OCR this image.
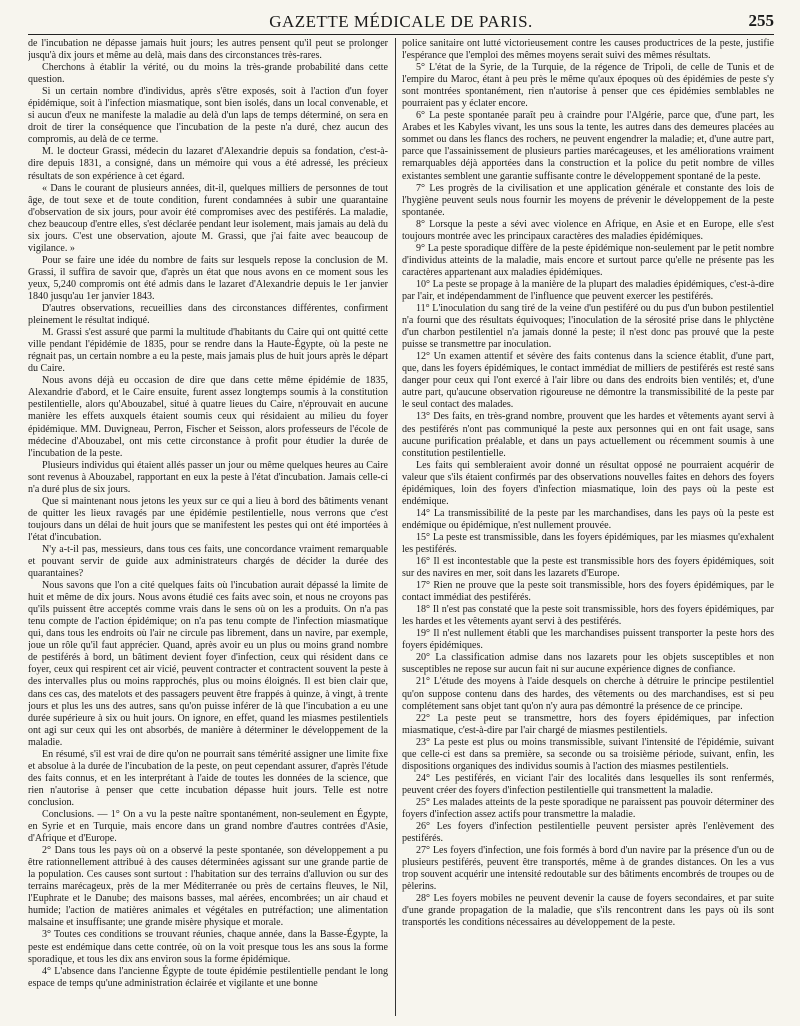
GAZETTE MÉDICALE DE PARIS.	255

de l'incubation ne dépasse jamais huit jours; les autres pensent qu'il peut se prolonger jusqu'à dix jours et même au delà, mais dans des circonstances très-rares.

Cherchons à établir la vérité, ou du moins la très-grande probabilité dans cette question.

Si un certain nombre d'individus, après s'être exposés, soit à l'action d'un foyer épidémique, soit à l'infection miasmatique, sont bien isolés, dans un local convenable, et si aucun d'eux ne manifeste la maladie au delà d'un laps de temps déterminé, on sera en droit de tirer la conséquence que l'incubation de la peste n'a duré, chez aucun des compromis, au delà de ce terme.

M. le docteur Grassi, médecin du lazaret d'Alexandrie depuis sa fondation, c'est-à-dire depuis 1831, a consigné, dans un mémoire qui vous a été adressé, les précieux résultats de son expérience à cet égard.

« Dans le courant de plusieurs années, dit-il, quelques milliers de personnes de tout âge, de tout sexe et de toute condition, furent condamnées à subir une quarantaine d'observation de six jours, pour avoir été compromises avec des pestiférés. La maladie, chez beaucoup d'entre elles, s'est déclarée pendant leur isolement, mais jamais au delà du six jours. C'est une observation, ajoute M. Grassi, que j'ai faite avec beaucoup de vigilance. »

Pour se faire une idée du nombre de faits sur lesquels repose la conclusion de M. Grassi, il suffira de savoir que, d'après un état que nous avons en ce moment sous les yeux, 5,240 compromis ont été admis dans le lazaret d'Alexandrie depuis le 1er janvier 1840 jusqu'au 1er janvier 1843.

D'autres observations, recueillies dans des circonstances différentes, confirment pleinement le résultat indiqué.

M. Grassi s'est assuré que parmi la multitude d'habitants du Caire qui ont quitté cette ville pendant l'épidémie de 1835, pour se rendre dans la Haute-Égypte, où la peste ne régnait pas, un certain nombre a eu la peste, mais jamais plus de huit jours après le départ du Caire.

Nous avons déjà eu occasion de dire que dans cette même épidémie de 1835, Alexandrie d'abord, et le Caire ensuite, furent assez longtemps soumis à la constitution pestilentielle, alors qu'Abouzabel, situé à quatre lieues du Caire, n'éprouvait en aucune manière les effets auxquels étaient soumis ceux qui résidaient au milieu du foyer épidémique. MM. Duvigneau, Perron, Fischer et Seisson, alors professeurs de l'école de médecine d'Abouzabel, ont mis cette circonstance à profit pour étudier la durée de l'incubation de la peste.

Plusieurs individus qui étaient allés passer un jour ou même quelques heures au Caire sont revenus à Abouzabel, rapportant en eux la peste à l'état d'incubation. Jamais celle-ci n'a duré plus de six jours.

Que si maintenant nous jetons les yeux sur ce qui a lieu à bord des bâtiments venant de quitter les lieux ravagés par une épidémie pestilentielle, nous verrons que c'est toujours dans un délai de huit jours que se manifestent les pestes qui ont été importées à l'état d'incubation.

N'y a-t-il pas, messieurs, dans tous ces faits, une concordance vraiment remarquable et pouvant servir de guide aux administrateurs chargés de décider la durée des quarantaines?

Nous savons que l'on a cité quelques faits où l'incubation aurait dépassé la limite de huit et même de dix jours. Nous avons étudié ces faits avec soin, et nous ne croyons pas qu'ils puissent être acceptés comme vrais dans le sens où on les a produits. On n'a pas tenu compte de l'action épidémique; on n'a pas tenu compte de l'infection miasmatique qui, dans tous les endroits où l'air ne circule pas librement, dans un navire, par exemple, joue un rôle qu'il faut apprécier. Quand, après avoir eu un plus ou moins grand nombre de pestiférés à bord, un bâtiment devient foyer d'infection, ceux qui résident dans ce foyer, ceux qui respirent cet air vicié, peuvent contracter et contractent souvent la peste à des intervalles plus ou moins rapprochés, plus ou moins éloignés. Il est bien clair que, dans ces cas, des matelots et des passagers peuvent être frappés à quinze, à vingt, à trente jours et plus les uns des autres, sans qu'on puisse inférer de là que l'incubation a eu une durée supérieure à six ou huit jours. On ignore, en effet, quand les miasmes pestilentiels ont agi sur ceux qui les ont absorbés, de manière à déterminer le développement de la maladie.

En résumé, s'il est vrai de dire qu'on ne pourrait sans témérité assigner une limite fixe et absolue à la durée de l'incubation de la peste, on peut cependant assurer, d'après l'étude des faits connus, et en les interprétant à l'aide de toutes les données de la science, que rien n'autorise à penser que cette incubation dépasse huit jours. Telle est notre conclusion.

Conclusions. — 1° On a vu la peste naître spontanément, non-seulement en Égypte, en Syrie et en Turquie, mais encore dans un grand nombre d'autres contrées d'Asie, d'Afrique et d'Europe.

2° Dans tous les pays où on a observé la peste spontanée, son développement a pu être rationnellement attribué à des causes déterminées agissant sur une grande partie de la population. Ces causes sont surtout : l'habitation sur des terrains d'alluvion ou sur des terrains marécageux, près de la mer Méditerranée ou près de certains fleuves, le Nil, l'Euphrate et le Danube; des maisons basses, mal aérées, encombrées; un air chaud et humide; l'action de matières animales et végétales en putréfaction; une alimentation malsaine et insuffisante; une grande misère physique et morale.

3° Toutes ces conditions se trouvant réunies, chaque année, dans la Basse-Égypte, la peste est endémique dans cette contrée, où on la voit presque tous les ans sous la forme sporadique, et tous les dix ans environ sous la forme épidémique.

4° L'absence dans l'ancienne Égypte de toute épidémie pestilentielle pendant le long espace de temps qu'une administration éclairée et vigilante et une bonne

police sanitaire ont lutté victorieusement contre les causes productrices de la peste, justifie l'espérance que l'emploi des mêmes moyens serait suivi des mêmes résultats.

5° L'état de la Syrie, de la Turquie, de la régence de Tripoli, de celle de Tunis et de l'empire du Maroc, étant à peu près le même qu'aux époques où des épidémies de peste s'y sont montrées spontanément, rien n'autorise à penser que ces épidémies semblables ne pourraient pas y éclater encore.

6° La peste spontanée paraît peu à craindre pour l'Algérie, parce que, d'une part, les Arabes et les Kabyles vivant, les uns sous la tente, les autres dans des demeures placées au sommet ou dans les flancs des rochers, ne peuvent engendrer la maladie; et, d'une autre part, parce que l'assainissement de plusieurs parties marécageuses, et les améliorations vraiment remarquables déjà apportées dans la construction et la police du petit nombre de villes existantes semblent une garantie suffisante contre le développement spontané de la peste.

7° Les progrès de la civilisation et une application générale et constante des lois de l'hygiène peuvent seuls nous fournir les moyens de prévenir le développement de la peste spontanée.

8° Lorsque la peste a sévi avec violence en Afrique, en Asie et en Europe, elle s'est toujours montrée avec les principaux caractères des maladies épidémiques.

9° La peste sporadique diffère de la peste épidémique non-seulement par le petit nombre d'individus atteints de la maladie, mais encore et surtout parce qu'elle ne présente pas les caractères appartenant aux maladies épidémiques.

10° La peste se propage à la manière de la plupart des maladies épidémiques, c'est-à-dire par l'air, et indépendamment de l'influence que peuvent exercer les pestiférés.

11° L'inoculation du sang tiré de la veine d'un pestiféré ou du pus d'un bubon pestilentiel n'a fourni que des résultats équivoques; l'inoculation de la sérosité prise dans le phlyctène d'un charbon pestilentiel n'a jamais donné la peste; il n'est donc pas prouvé que la peste puisse se transmettre par inoculation.

12° Un examen attentif et sévère des faits contenus dans la science établit, d'une part, que, dans les foyers épidémiques, le contact immédiat de milliers de pestiférés est resté sans danger pour ceux qui l'ont exercé à l'air libre ou dans des endroits bien ventilés; et, d'une autre part, qu'aucune observation rigoureuse ne démontre la transmissibilité de la peste par le seul contact des malades.

13° Des faits, en très-grand nombre, prouvent que les hardes et vêtements ayant servi à des pestiférés n'ont pas communiqué la peste aux personnes qui en ont fait usage, sans aucune purification préalable, et dans un pays actuellement ou récemment soumis à une constitution pestilentielle.

Les faits qui sembleraient avoir donné un résultat opposé ne pourraient acquérir de valeur que s'ils étaient confirmés par des observations nouvelles faites en dehors des foyers épidémiques, loin des foyers d'infection miasmatique, loin des pays où la peste est endémique.

14° La transmissibilité de la peste par les marchandises, dans les pays où la peste est endémique ou épidémique, n'est nullement prouvée.

15° La peste est transmissible, dans les foyers épidémiques, par les miasmes qu'exhalent les pestiférés.

16° Il est incontestable que la peste est transmissible hors des foyers épidémiques, soit sur des navires en mer, soit dans les lazarets d'Europe.

17° Rien ne prouve que la peste soit transmissible, hors des foyers épidémiques, par le contact immédiat des pestiférés.

18° Il n'est pas constaté que la peste soit transmissible, hors des foyers épidémiques, par les hardes et les vêtements ayant servi à des pestiférés.

19° Il n'est nullement établi que les marchandises puissent transporter la peste hors des foyers épidémiques.

20° La classification admise dans nos lazarets pour les objets susceptibles et non susceptibles ne repose sur aucun fait ni sur aucune expérience dignes de confiance.

21° L'étude des moyens à l'aide desquels on cherche à détruire le principe pestilentiel qu'on suppose contenu dans des hardes, des vêtements ou des marchandises, est si peu complétement sans objet tant qu'on n'y aura pas démontré la présence de ce principe.

22° La peste peut se transmettre, hors des foyers épidémiques, par infection miasmatique, c'est-à-dire par l'air chargé de miasmes pestilentiels.

23° La peste est plus ou moins transmissible, suivant l'intensité de l'épidémie, suivant que celle-ci est dans sa première, sa seconde ou sa troisième période, suivant, enfin, les dispositions organiques des individus soumis à l'action des miasmes pestilentiels.

24° Les pestiférés, en viciant l'air des localités dans lesquelles ils sont renfermés, peuvent créer des foyers d'infection pestilentielle qui transmettent la maladie.

25° Les malades atteints de la peste sporadique ne paraissent pas pouvoir déterminer des foyers d'infection assez actifs pour transmettre la maladie.

26° Les foyers d'infection pestilentielle peuvent persister après l'enlèvement des pestiférés.

27° Les foyers d'infection, une fois formés à bord d'un navire par la présence d'un ou de plusieurs pestiférés, peuvent être transportés, même à de grandes distances. On les a vus trop souvent acquérir une intensité redoutable sur des bâtiments encombrés de troupes ou de pèlerins.

28° Les foyers mobiles ne peuvent devenir la cause de foyers secondaires, et par suite d'une grande propagation de la maladie, que s'ils rencontrent dans les pays où ils sont transportés les conditions nécessaires au développement de la peste.
